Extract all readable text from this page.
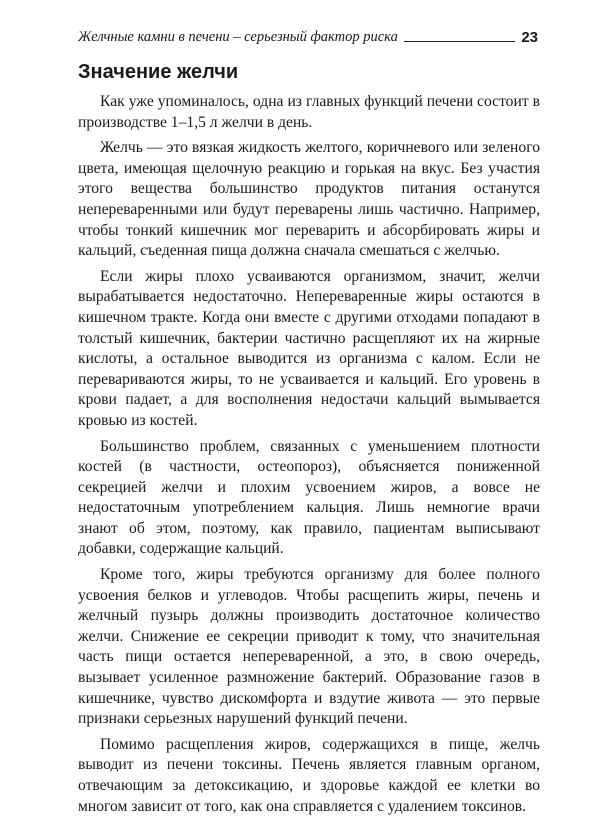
Желчные камни в печени – серьезный фактор риска	23
Значение желчи

Как уже упоминалось, одна из главных функций печени состоит в производстве 1–1,5 л желчи в день.

Желчь — это вязкая жидкость желтого, коричневого или зеленого цвета, имеющая щелочную реакцию и горькая на вкус. Без участия этого вещества большинство продуктов питания останутся непереваренными или будут переварены лишь частично. Например, чтобы тонкий кишечник мог переварить и абсорбировать жиры и кальций, съеденная пища должна сначала смешаться с желчью.

Если жиры плохо усваиваются организмом, значит, желчи вырабатывается недостаточно. Непереваренные жиры остаются в кишечном тракте. Когда они вместе с другими отходами попадают в толстый кишечник, бактерии частично расщепляют их на жирные кислоты, а остальное выводится из организма с калом. Если не перевариваются жиры, то не усваивается и кальций. Его уровень в крови падает, а для восполнения недостачи кальций вымывается кровью из костей.

Большинство проблем, связанных с уменьшением плотности костей (в частности, остеопороз), объясняется пониженной секрецией желчи и плохим усвоением жиров, а вовсе не недостаточным употреблением кальция. Лишь немногие врачи знают об этом, поэтому, как правило, пациентам выписывают добавки, содержащие кальций.

Кроме того, жиры требуются организму для более полного усвоения белков и углеводов. Чтобы расщепить жиры, печень и желчный пузырь должны производить достаточное количество желчи. Снижение ее секреции приводит к тому, что значительная часть пищи остается непереваренной, а это, в свою очередь, вызывает усиленное размножение бактерий. Образование газов в кишечнике, чувство дискомфорта и вздутие живота — это первые признаки серьезных нарушений функций печени.

Помимо расщепления жиров, содержащихся в пище, желчь выводит из печени токсины. Печень является главным органом, отвечающим за детоксикацию, и здоровье каждой ее клетки во многом зависит от того, как она справляется с удалением токсинов.
